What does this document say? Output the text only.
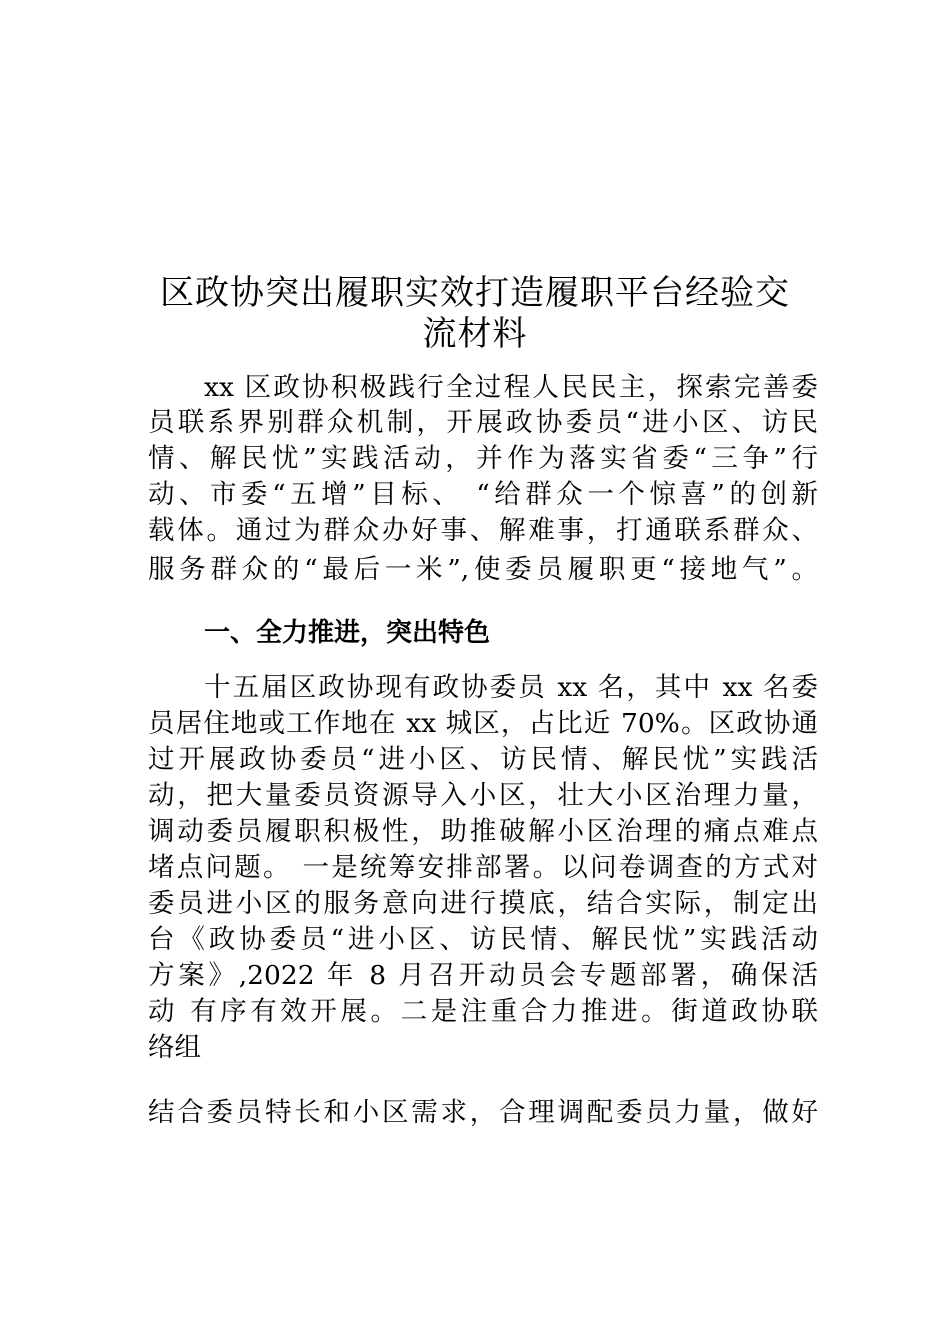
区政协突出履职实效打造履职平台经验交
流材料

xx 区政协积极践行全过程人民民主，探索完善委

员联系界别群众机制，开展政协委员“进小区、访民

情、解民忧”实践活动，并作为落实省委“三争”行

动、市委“五增”目标、 “给群众一个惊喜”的创新

载体。通过为群众办好事、解难事，打通联系群众、

服务群众的“最后一米”,使委员履职更“接地气”。

一、全力推进，突出特色

十五届区政协现有政协委员 xx 名，其中 xx 名委

员居住地或工作地在 xx 城区，占比近 70%。区政协通

过开展政协委员“进小区、访民情、解民忧”实践活

动，把大量委员资源导入小区，壮大小区治理力量，

调动委员履职积极性，助推破解小区治理的痛点难点

堵点问题。 一是统筹安排部署。以问卷调查的方式对

委员进小区的服务意向进行摸底，结合实际，制定出

台《政协委员“进小区、访民情、解民忧”实践活动

方案》,2022 年 8 月召开动员会专题部署，确保活

动 有序有效开展。二是注重合力推进。街道政协联

络组

结合委员特长和小区需求，合理调配委员力量，做好
